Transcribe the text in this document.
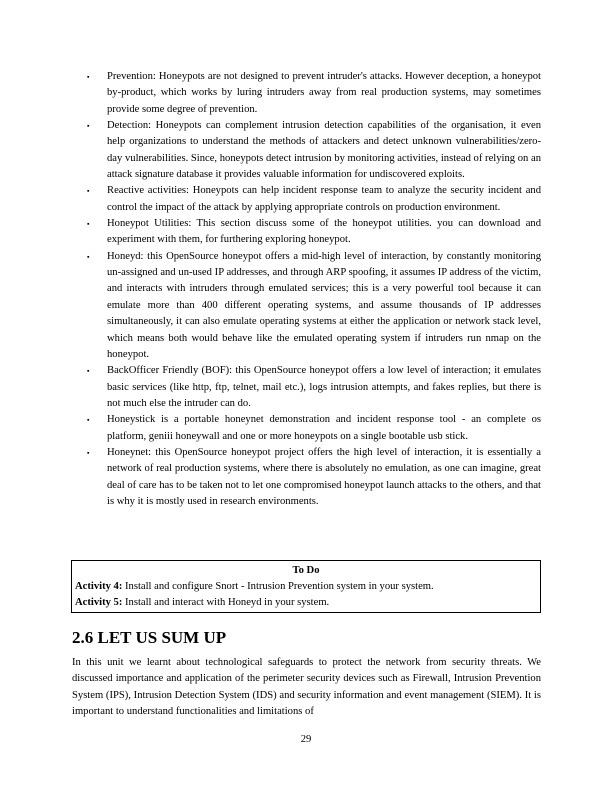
▪ Prevention: Honeypots are not designed to prevent intruder's attacks. However deception, a honeypot by-product, which works by luring intruders away from real production systems, may sometimes provide some degree of prevention.
▪ Detection: Honeypots can complement intrusion detection capabilities of the organisation, it even help organizations to understand the methods of attackers and detect unknown vulnerabilities/zero-day vulnerabilities. Since, honeypots detect intrusion by monitoring activities, instead of relying on an attack signature database it provides valuable information for undiscovered exploits.
▪ Reactive activities: Honeypots can help incident response team to analyze the security incident and control the impact of the attack by applying appropriate controls on production environment.
▪ Honeypot Utilities: This section discuss some of the honeypot utilities. you can download and experiment with them, for furthering exploring honeypot.
▪ Honeyd: this OpenSource honeypot offers a mid-high level of interaction, by constantly monitoring un-assigned and un-used IP addresses, and through ARP spoofing, it assumes IP address of the victim, and interacts with intruders through emulated services; this is a very powerful tool because it can emulate more than 400 different operating systems, and assume thousands of IP addresses simultaneously, it can also emulate operating systems at either the application or network stack level, which means both would behave like the emulated operating system if intruders run nmap on the honeypot.
▪ BackOfficer Friendly (BOF): this OpenSource honeypot offers a low level of interaction; it emulates basic services (like http, ftp, telnet, mail etc.), logs intrusion attempts, and fakes replies, but there is not much else the intruder can do.
▪ Honeystick is a portable honeynet demonstration and incident response tool - an complete os platform, geniii honeywall and one or more honeypots on a single bootable usb stick.
▪ Honeynet: this OpenSource honeypot project offers the high level of interaction, it is essentially a network of real production systems, where there is absolutely no emulation, as one can imagine, great deal of care has to be taken not to let one compromised honeypot launch attacks to the others, and that is why it is mostly used in research environments.
To Do
Activity 4: Install and configure Snort - Intrusion Prevention system in your system.
Activity 5: Install and interact with Honeyd in your system.
2.6 LET US SUM UP

In this unit we learnt about technological safeguards to protect the network from security threats. We discussed importance and application of the perimeter security devices such as Firewall, Intrusion Prevention System (IPS), Intrusion Detection System (IDS) and security information and event management (SIEM). It is important to understand functionalities and limitations of

29
